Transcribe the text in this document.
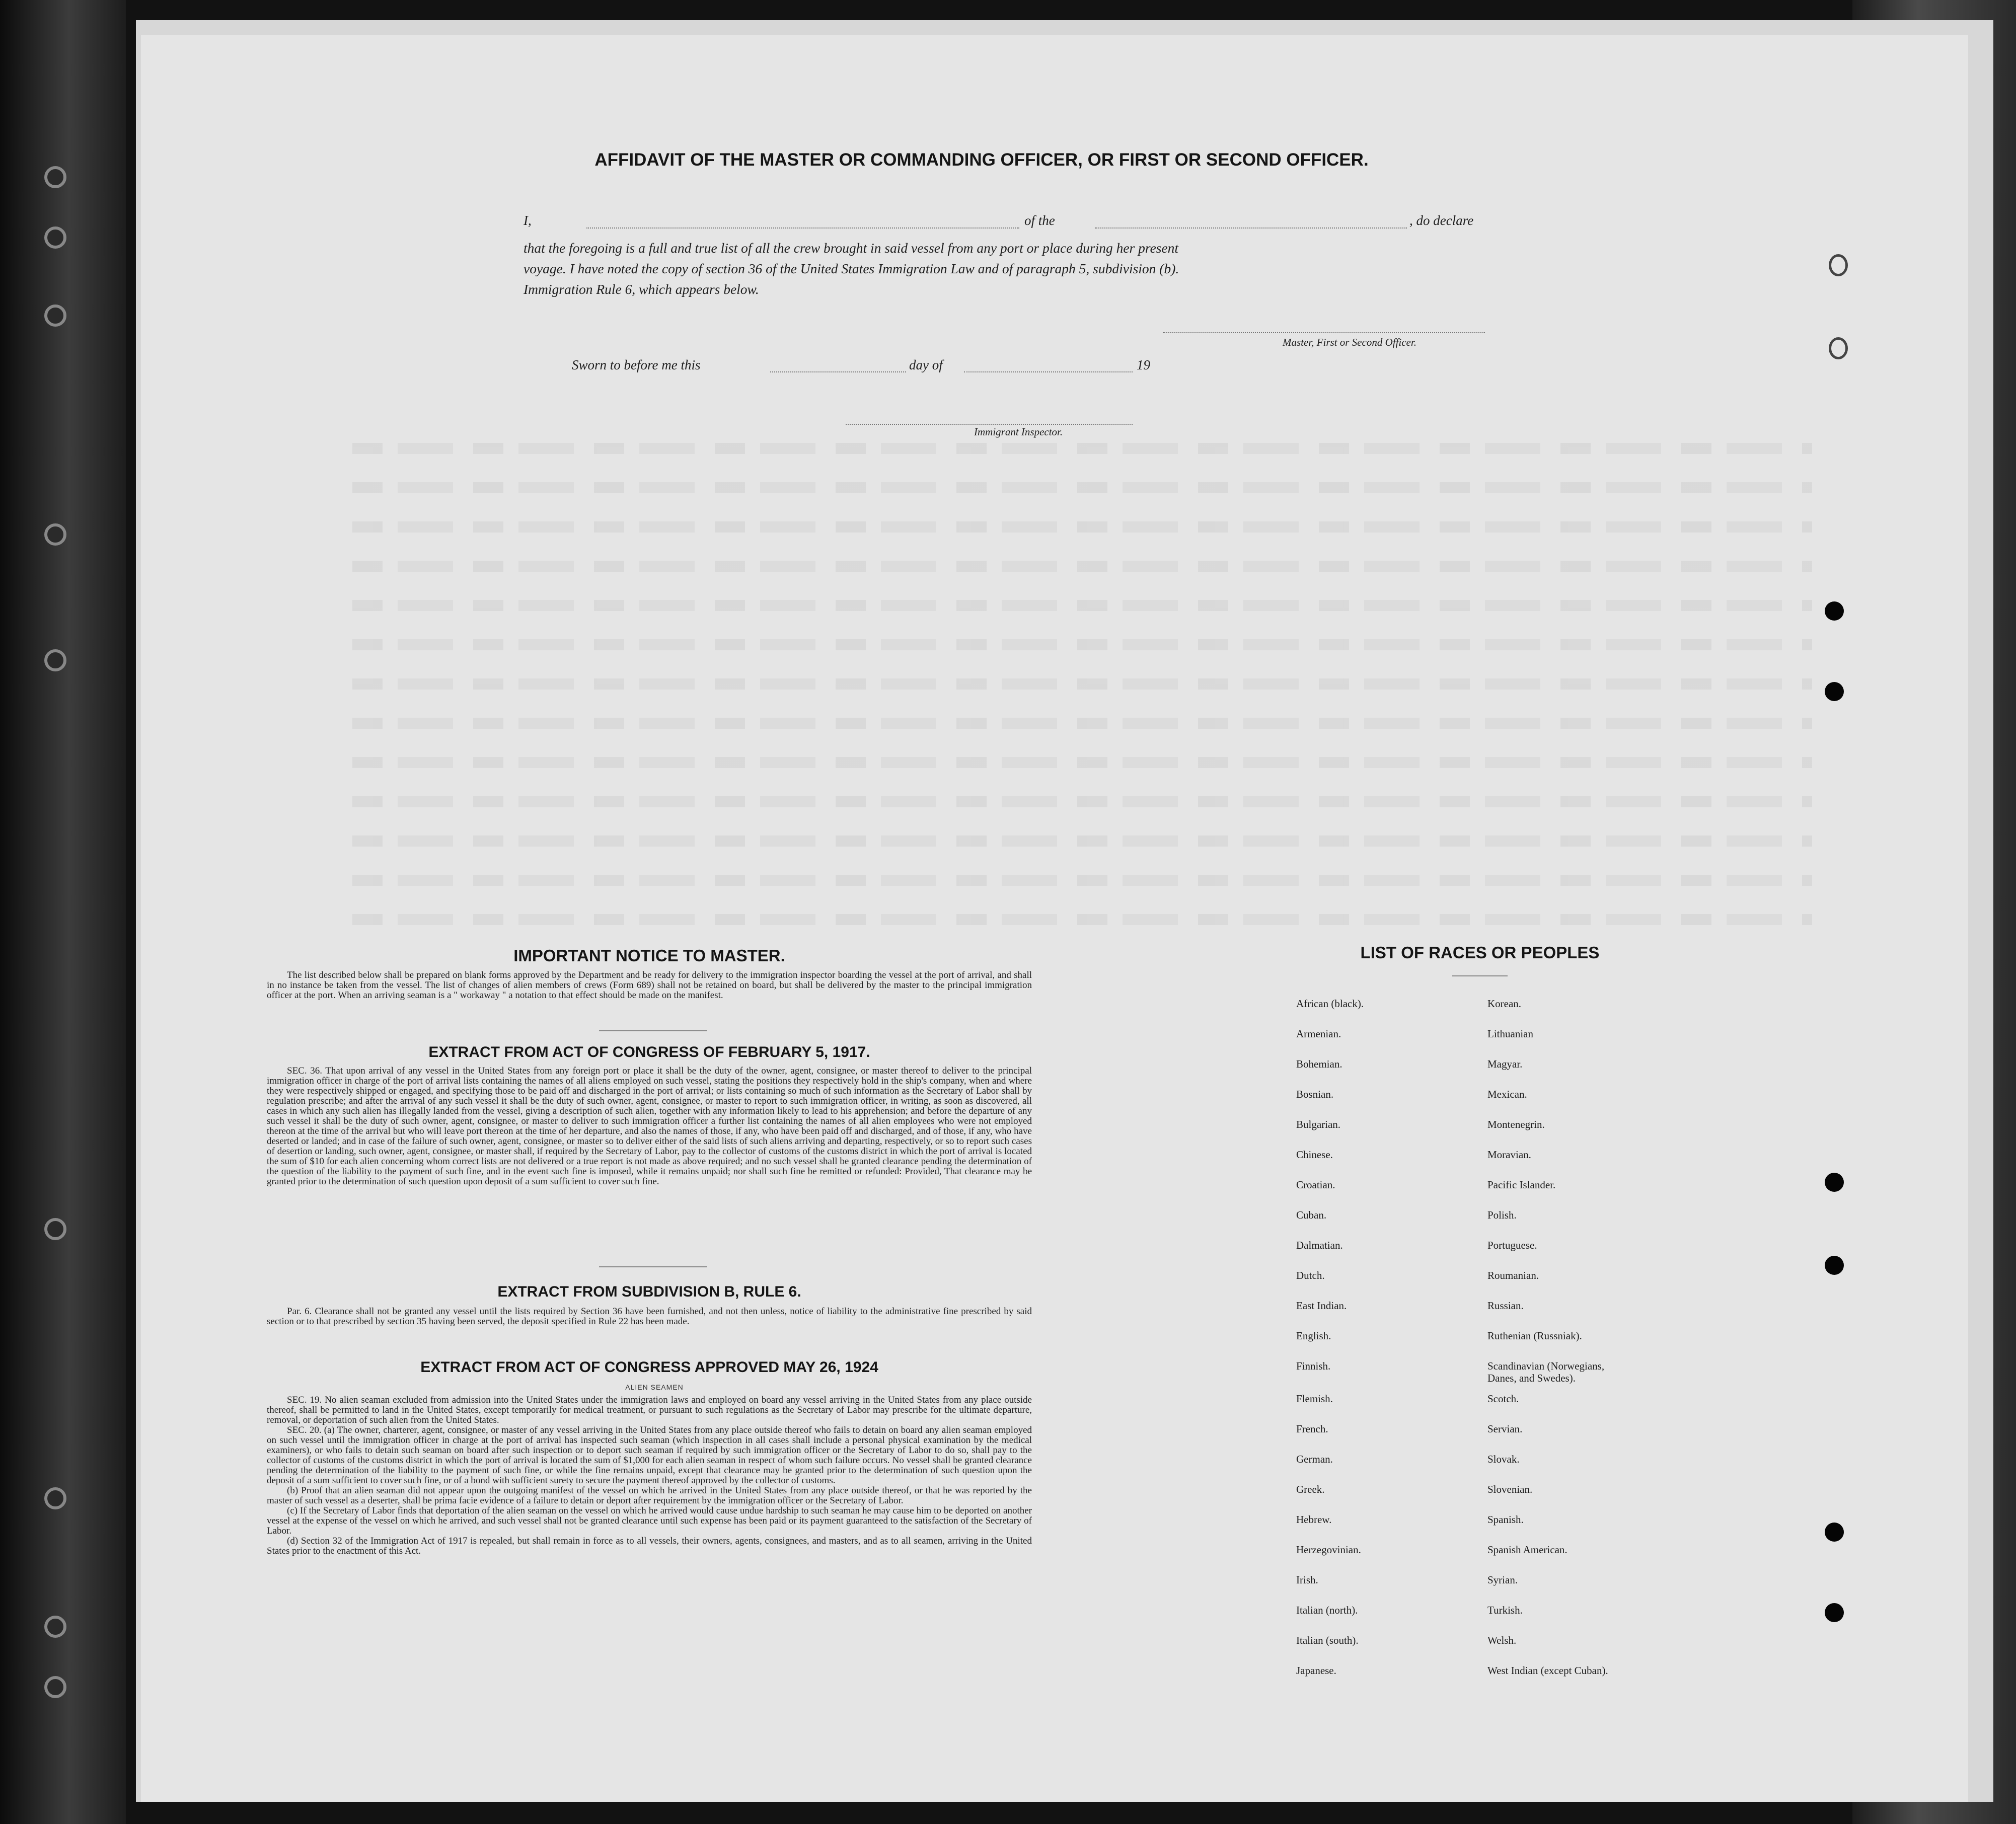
AFFIDAVIT OF THE MASTER OR COMMANDING OFFICER, OR FIRST OR SECOND OFFICER.
I,	of the	, do declare
that the foregoing is a full and true list of all the crew brought in said vessel from any port or place during her present
voyage. I have noted the copy of section 36 of the United States Immigration Law and of paragraph 5, subdivision (b).
Immigration Rule 6, which appears below.
Master, First or Second Officer.
Sworn to before me this	day of	19
Immigrant Inspector.
IMPORTANT NOTICE TO MASTER.
The list described below shall be prepared on blank forms approved by the Department and be ready for delivery to the immigration inspector boarding the vessel at the port of arrival, and shall in no instance be taken from the vessel. The list of changes of alien members of crews (Form 689) shall not be retained on board, but shall be delivered by the master to the principal immigration officer at the port. When an arriving seaman is a " workaway " a notation to that effect should be made on the manifest.
EXTRACT FROM ACT OF CONGRESS OF FEBRUARY 5, 1917.
SEC. 36. That upon arrival of any vessel in the United States from any foreign port or place it shall be the duty of the owner, agent, consignee, or master thereof to deliver to the principal immigration officer in charge of the port of arrival lists containing the names of all aliens employed on such vessel, stating the positions they respectively hold in the ship's company, when and where they were respectively shipped or engaged, and specifying those to be paid off and discharged in the port of arrival; or lists containing so much of such information as the Secretary of Labor shall by regulation prescribe; and after the arrival of any such vessel it shall be the duty of such owner, agent, consignee, or master to report to such immigration officer, in writing, as soon as discovered, all cases in which any such alien has illegally landed from the vessel, giving a description of such alien, together with any information likely to lead to his apprehension; and before the departure of any such vessel it shall be the duty of such owner, agent, consignee, or master to deliver to such immigration officer a further list containing the names of all alien employees who were not employed thereon at the time of the arrival but who will leave port thereon at the time of her departure, and also the names of those, if any, who have been paid off and discharged, and of those, if any, who have deserted or landed; and in case of the failure of such owner, agent, consignee, or master so to deliver either of the said lists of such aliens arriving and departing, respectively, or so to report such cases of desertion or landing, such owner, agent, consignee, or master shall, if required by the Secretary of Labor, pay to the collector of customs of the customs district in which the port of arrival is located the sum of $10 for each alien concerning whom correct lists are not delivered or a true report is not made as above required; and no such vessel shall be granted clearance pending the determination of the question of the liability to the payment of such fine, and in the event such fine is imposed, while it remains unpaid; nor shall such fine be remitted or refunded: Provided, That clearance may be granted prior to the determination of such question upon deposit of a sum sufficient to cover such fine.
EXTRACT FROM SUBDIVISION B, RULE 6.
Par. 6. Clearance shall not be granted any vessel until the lists required by Section 36 have been furnished, and not then unless, notice of liability to the administrative fine prescribed by said section or to that prescribed by section 35 having been served, the deposit specified in Rule 22 has been made.
EXTRACT FROM ACT OF CONGRESS APPROVED MAY 26, 1924
ALIEN SEAMEN

SEC. 19. No alien seaman excluded from admission into the United States under the immigration laws and employed on board any vessel arriving in the United States from any place outside thereof, shall be permitted to land in the United States, except temporarily for medical treatment, or pursuant to such regulations as the Secretary of Labor may prescribe for the ultimate departure, removal, or deportation of such alien from the United States.

SEC. 20. (a) The owner, charterer, agent, consignee, or master of any vessel arriving in the United States from any place outside thereof who fails to detain on board any alien seaman employed on such vessel until the immigration officer in charge at the port of arrival has inspected such seaman (which inspection in all cases shall include a personal physical examination by the medical examiners), or who fails to detain such seaman on board after such inspection or to deport such seaman if required by such immigration officer or the Secretary of Labor to do so, shall pay to the collector of customs of the customs district in which the port of arrival is located the sum of $1,000 for each alien seaman in respect of whom such failure occurs. No vessel shall be granted clearance pending the determination of the liability to the payment of such fine, or while the fine remains unpaid, except that clearance may be granted prior to the determination of such question upon the deposit of a sum sufficient to cover such fine, or of a bond with sufficient surety to secure the payment thereof approved by the collector of customs.

(b) Proof that an alien seaman did not appear upon the outgoing manifest of the vessel on which he arrived in the United States from any place outside thereof, or that he was reported by the master of such vessel as a deserter, shall be prima facie evidence of a failure to detain or deport after requirement by the immigration officer or the Secretary of Labor.

(c) If the Secretary of Labor finds that deportation of the alien seaman on the vessel on which he arrived would cause undue hardship to such seaman he may cause him to be deported on another vessel at the expense of the vessel on which he arrived, and such vessel shall not be granted clearance until such expense has been paid or its payment guaranteed to the satisfaction of the Secretary of Labor.

(d) Section 32 of the Immigration Act of 1917 is repealed, but shall remain in force as to all vessels, their owners, agents, consignees, and masters, and as to all seamen, arriving in the United States prior to the enactment of this Act.

LIST OF RACES OR PEOPLES
African (black).
Armenian.
Bohemian.
Bosnian.
Bulgarian.
Chinese.
Croatian.
Cuban.
Dalmatian.
Dutch.
East Indian.
English.
Finnish.
Flemish.
French.
German.
Greek.
Hebrew.
Herzegovinian.
Irish.
Italian (north).
Italian (south).
Japanese.
Korean.
Lithuanian
Magyar.
Mexican.
Montenegrin.
Moravian.
Pacific Islander.
Polish.
Portuguese.
Roumanian.
Russian.
Ruthenian (Russniak).
Scandinavian (Norwegians,
Danes, and Swedes).
Scotch.
Servian.
Slovak.
Slovenian.
Spanish.
Spanish American.
Syrian.
Turkish.
Welsh.
West Indian (except Cuban).
